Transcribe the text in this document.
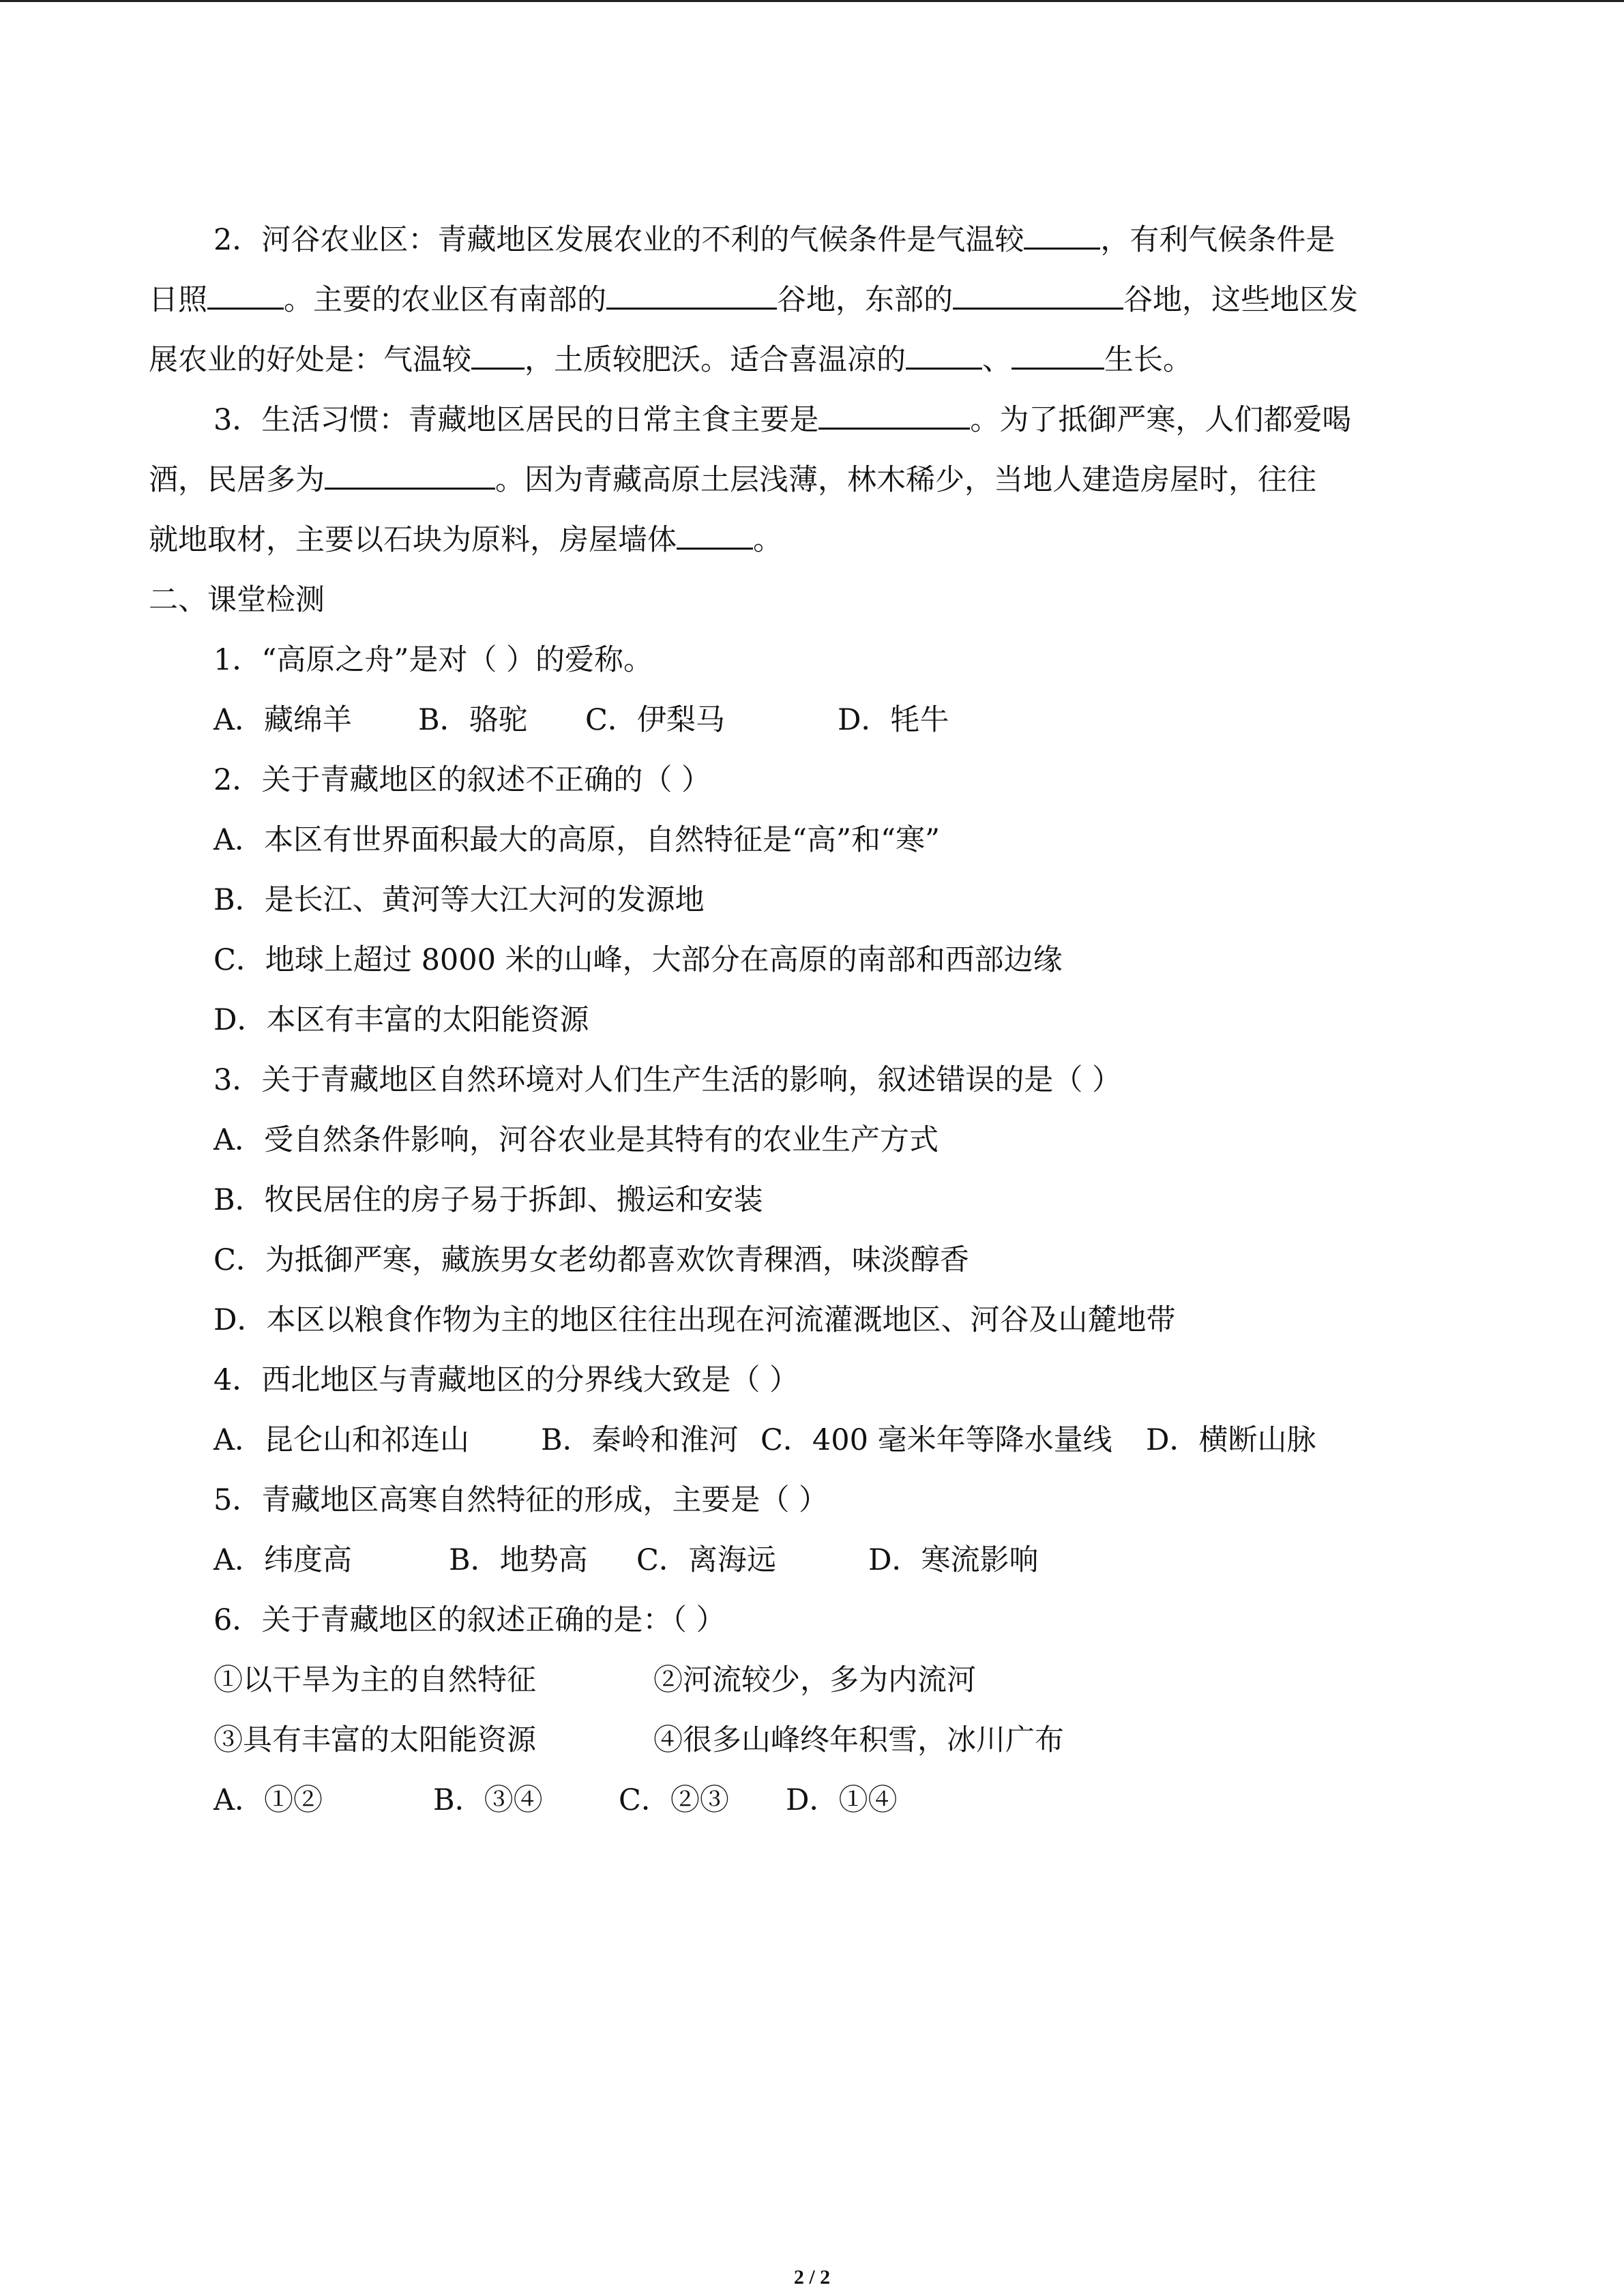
2．河谷农业区：青藏地区发展农业的不利的气候条件是气温较	，有利气候条件是
日照	。主要的农业区有南部的	谷地，东部的	谷地，这些地区发
展农业的好处是：气温较 ，土质较肥沃。适合喜温凉的	、	生长。
3．生活习惯：青藏地区居民的日常主食主要是	。为了抵御严寒，人们都爱喝
酒，民居多为	。因为青藏高原土层浅薄，林木稀少，当地人建造房屋时，往往
就地取材，主要以石块为原料，房屋墙体	。
二、课堂检测
1．“高原之舟”是对（ ）的爱称。
A．藏绵羊 B．骆驼 C．伊梨马	D．牦牛
2．关于青藏地区的叙述不正确的（ ）
A．本区有世界面积最大的高原，自然特征是“高”和“寒”
B．是长江、黄河等大江大河的发源地
C．地球上超过 8000 米的山峰，大部分在高原的南部和西部边缘
D．本区有丰富的太阳能资源
3．关于青藏地区自然环境对人们生产生活的影响，叙述错误的是（ ）
A．受自然条件影响，河谷农业是其特有的农业生产方式
B．牧民居住的房子易于拆卸、搬运和安装
C．为抵御严寒，藏族男女老幼都喜欢饮青稞酒，味淡醇香
D．本区以粮食作物为主的地区往往出现在河流灌溉地区、河谷及山麓地带
4．西北地区与青藏地区的分界线大致是（ ）
A．昆仑山和祁连山 B．秦岭和淮河 C．400 毫米年等降水量线 D．横断山脉
5．青藏地区高寒自然特征的形成，主要是（ ）
A．纬度高	B．地势高 C．离海远	D．寒流影响
6．关于青藏地区的叙述正确的是：（ ）
①以干旱为主的自然特征	②河流较少，多为内流河
③具有丰富的太阳能资源	④很多山峰终年积雪，冰川广布
A．①②	B．③④	C．②③ D．①④
2 / 2
